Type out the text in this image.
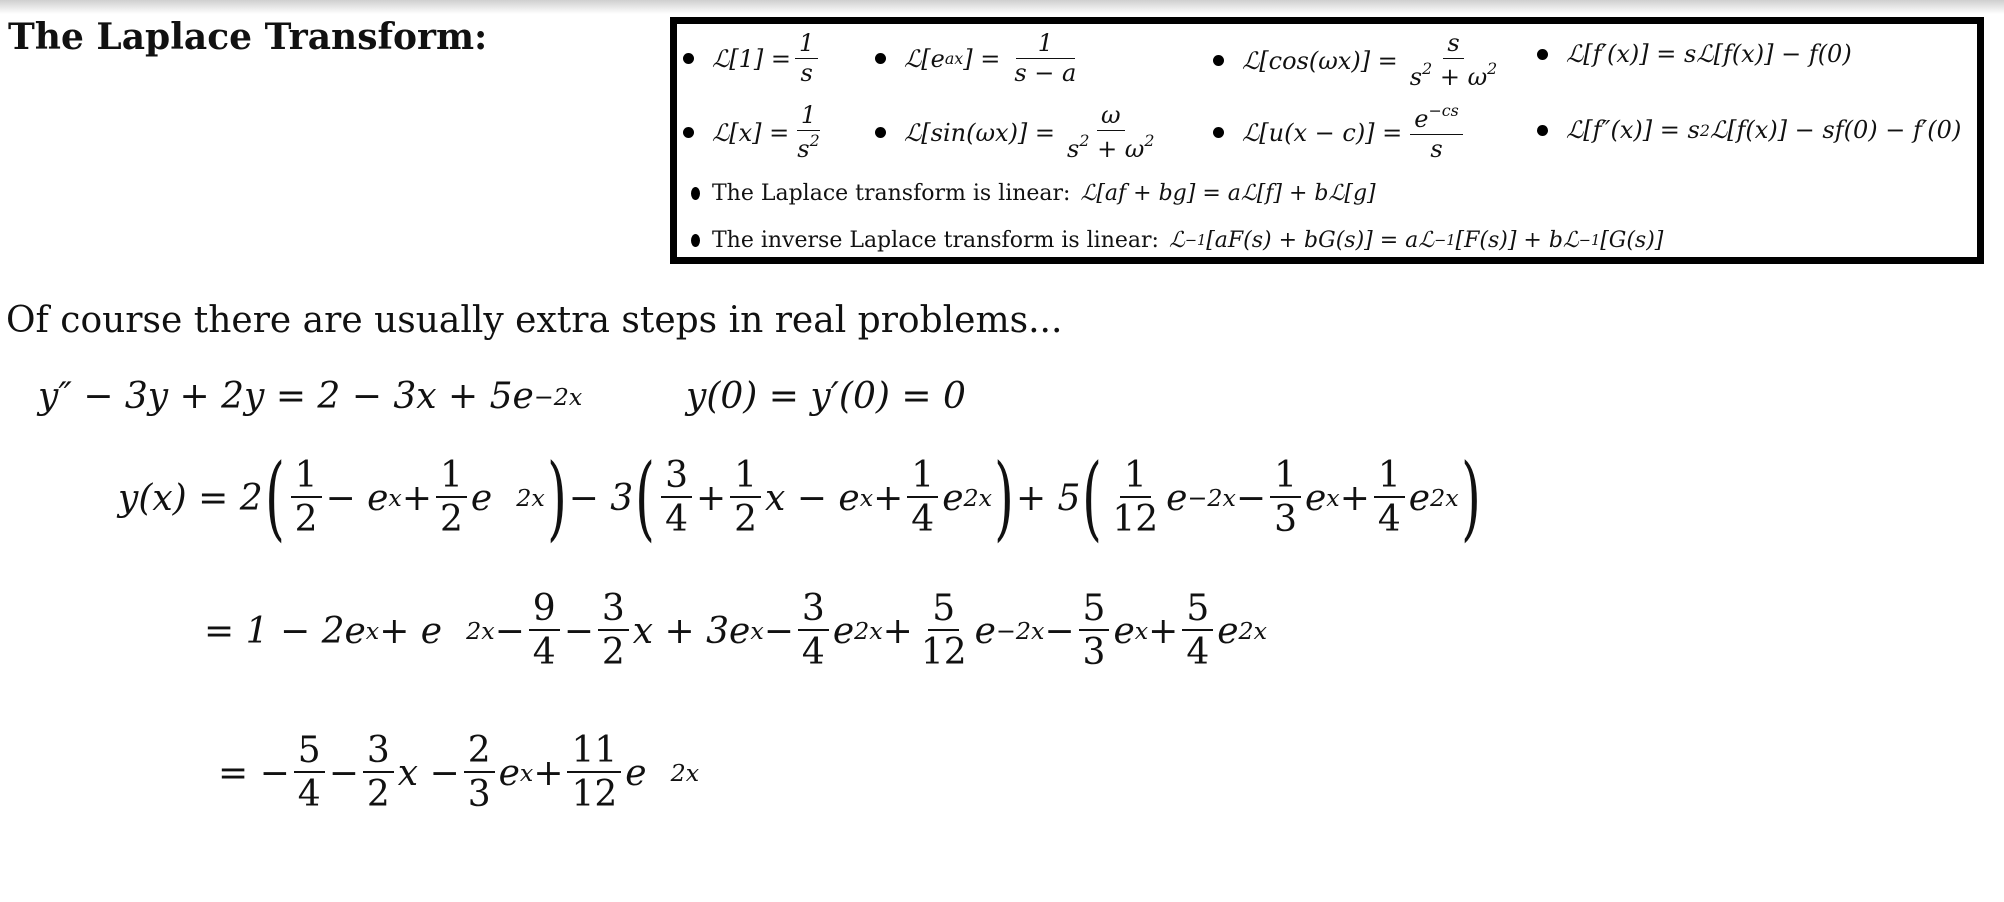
The Laplace Transform:
ℒ[1] = $\frac{1}{s}$	ℒ[e ax ] = $\frac{1}{s - a}$	ℒ[cos(ωx)] = $\frac{s}{s^2 + \omega^2}$	ℒ[f′(x)] = sℒ[f(x)] − f(0)
ℒ[x] = $\frac{1}{s^2}$	ℒ[sin(ωx)] = $\frac{\omega}{s^2 + \omega^2}$	ℒ[u(x − $c)] = \frac{e^{-cs}}{s}$	ℒ[f″(x)] = s 2 ℒ[f(x)] − sf(0) − f′(0)
The Laplace transform is linear: ℒ[af + bg] = aℒ[f] + bℒ[g]
The inverse Laplace transform is linear: ℒ −1 [aF(s) + bG(s)] = aℒ −1 [F(s)] + bℒ −1 [G(s)]
Of course there are usually extra steps in real problems...
y″ − 3y + 2y = 2 − 3x + 5e −2x	y(0) = y′(0) = 0
y(x) = 2 ( $\frac{1}{2} - e$ $x + \frac{1}{2}$ e 2x ) − 3 ( $\frac{3}{4} + \frac{1}{2}$ x − e $x + \frac{1}{4}$ e 2x ) + 5 ( $\frac{1}{12}$ $e -2x - \frac{1}{3}$ e $x + \frac{1}{4}$ e 2x )
= 1 − 2e x + e $2x - \frac{9}{4} - \frac{3}{2}$ x + 3e $x - \frac{3}{4}$ e $2x + \frac{5}{12}$ $e -2x - \frac{5}{3}$ e $x + \frac{5}{4}$ e 2x
= − $\frac{5}{4} - \frac{3}{2}$ $x - \frac{2}{3}$ e $x + \frac{11}{12}$ e 2x
